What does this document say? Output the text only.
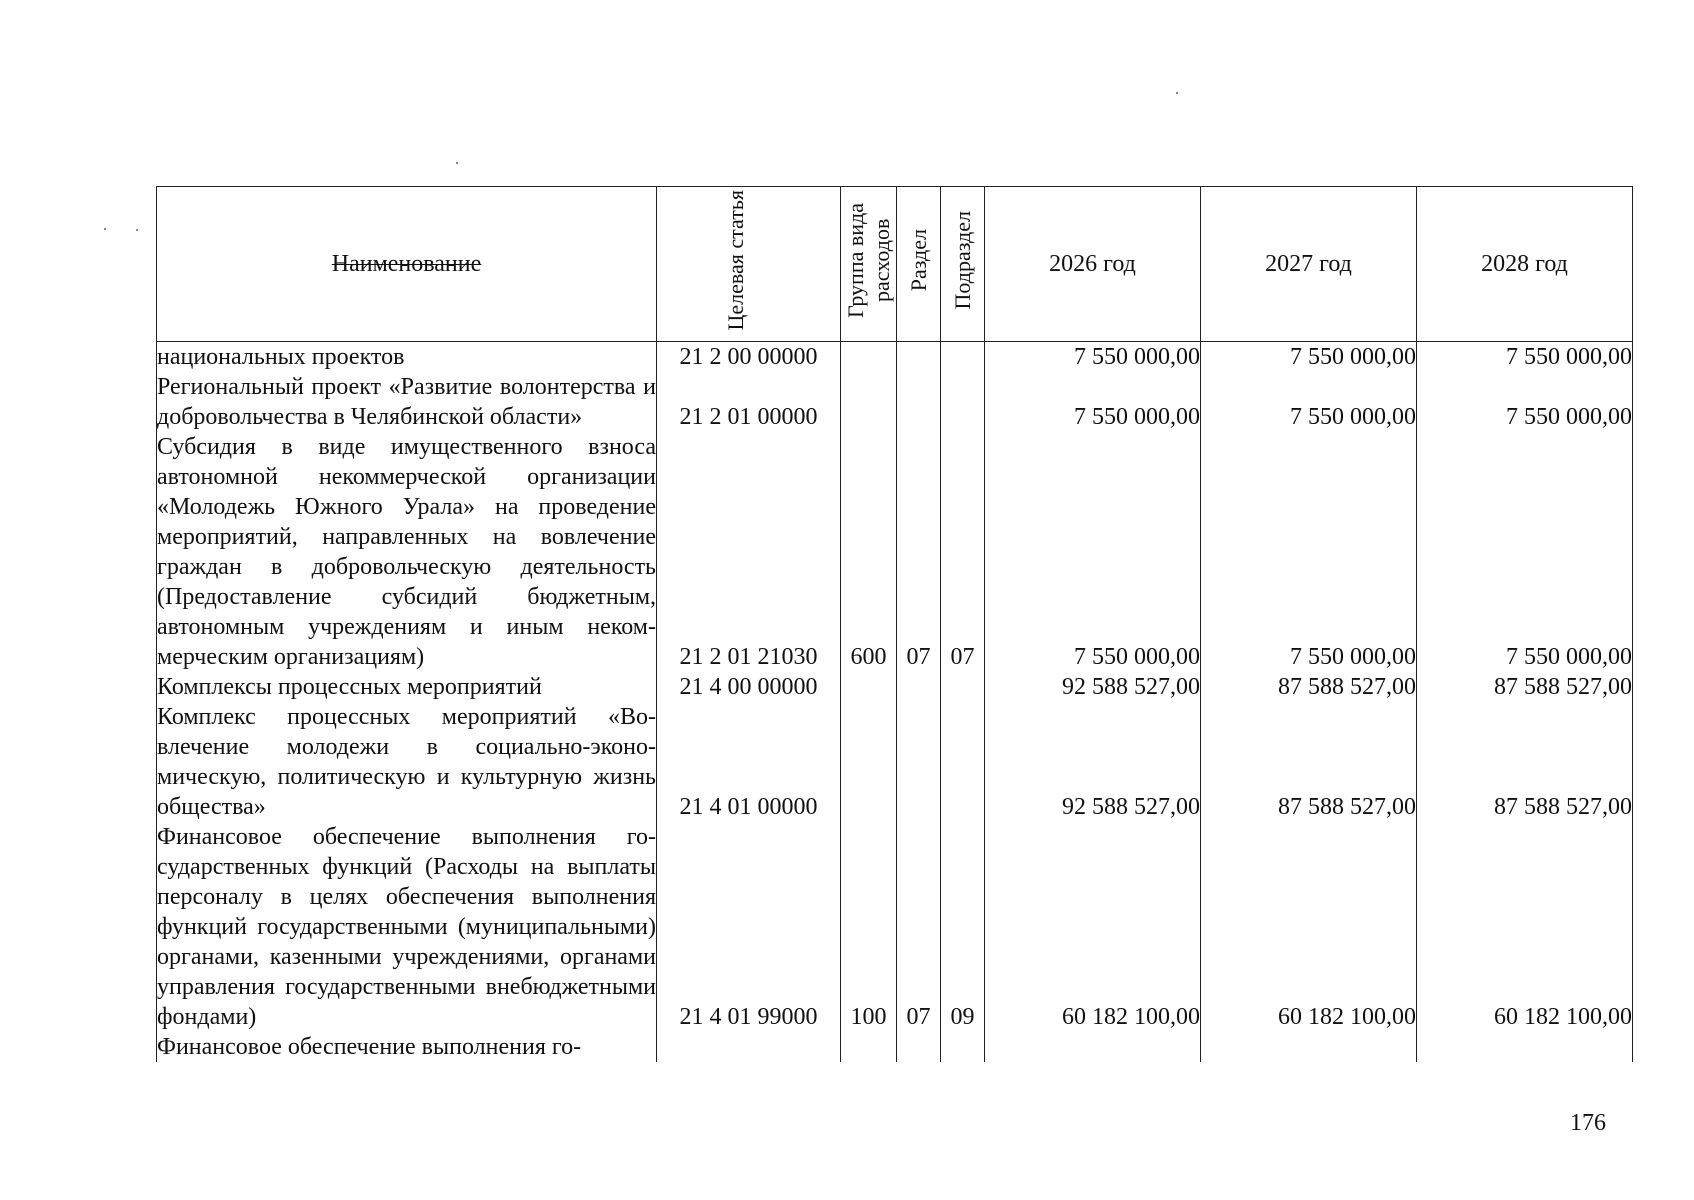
Наименование	Целевая статья	Группа вида расходов	Раздел	Подраздел	2026 год	2027 год	2028 год
национальных проектов	21 2 00 00000				7 550 000,00	7 550 000,00	7 550 000,00
Региональный проект «Развитие волонтерства и добровольчества в Челябинской области»	21 2 01 00000				7 550 000,00	7 550 000,00	7 550 000,00
Субсидия в виде имущественного взноса автономной некоммерческой организации «Молодежь Южного Урала» на проведение мероприятий, направленных на вовлечение граждан в добровольческую деятельность (Предоставление субсидий бюджетным, автономным учреждениям и иным некоммерческим организациям)	21 2 01 21030	600	07	07	7 550 000,00	7 550 000,00	7 550 000,00
Комплексы процессных мероприятий	21 4 00 00000				92 588 527,00	87 588 527,00	87 588 527,00
Комплекс процессных мероприятий «Вовлечение молодежи в социально-экономическую, политическую и культурную жизнь общества»	21 4 01 00000				92 588 527,00	87 588 527,00	87 588 527,00
Финансовое обеспечение выполнения государственных функций (Расходы на выплаты персоналу в целях обеспечения выполнения функций государственными (муниципальными) органами, казенными учреждениями, органами управления государственными внебюджетными фондами)	21 4 01 99000	100	07	09	60 182 100,00	60 182 100,00	60 182 100,00
Финансовое обеспечение выполнения го-							
176
